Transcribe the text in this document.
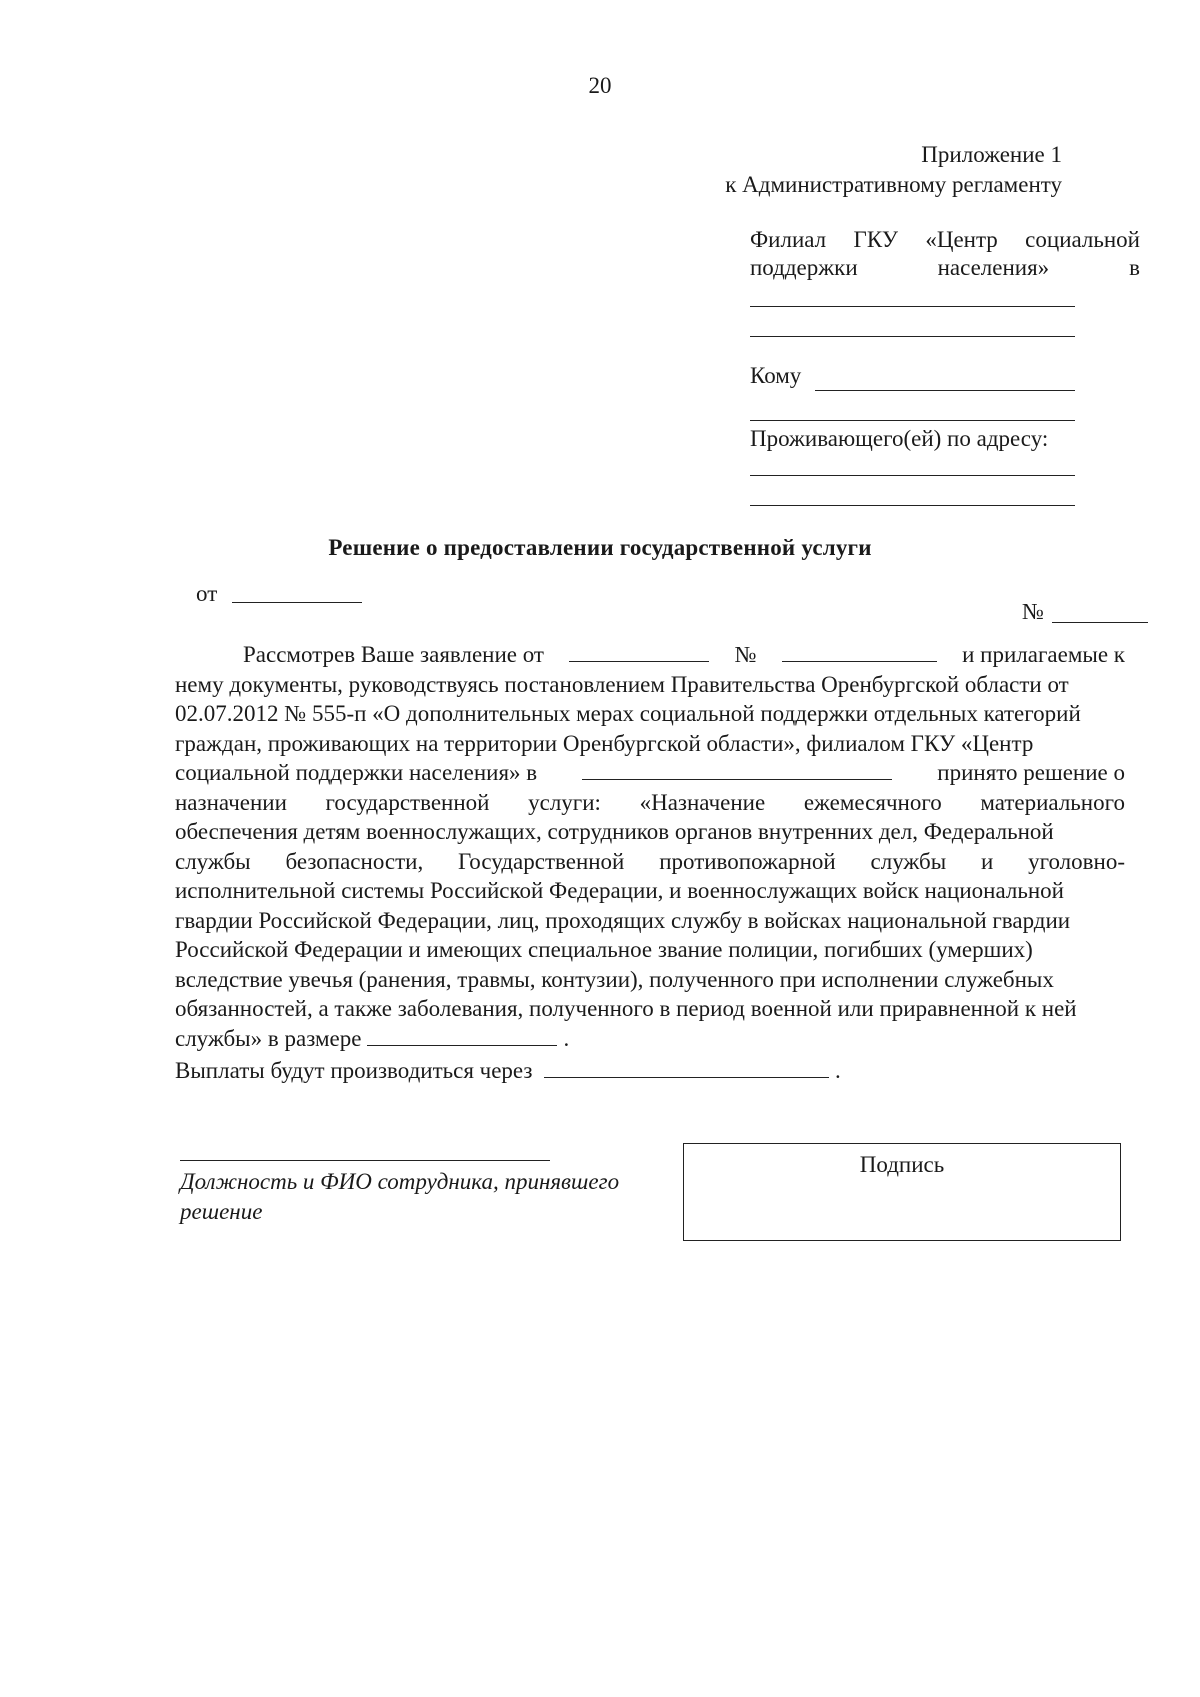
20
Приложение 1
к Административному регламенту
Филиал ГКУ «Центр социальной
поддержки	населения»	в
Кому
Проживающего(ей) по адресу:
Решение о предоставлении государственной услуги
от
№
Рассмотрев Ваше заявление от	№	и прилагаемые к
нему документы, руководствуясь постановлением Правительства Оренбургской области от
02.07.2012 № 555-п «О дополнительных мерах социальной поддержки отдельных категорий
граждан, проживающих на территории Оренбургской области», филиалом ГКУ «Центр
социальной поддержки населения» в	принято решение о
назначении государственной услуги: «Назначение ежемесячного материального
обеспечения детям военнослужащих, сотрудников органов внутренних дел, Федеральной
службы безопасности, Государственной противопожарной службы и уголовно-
исполнительной системы Российской Федерации, и военнослужащих войск национальной
гвардии Российской Федерации, лиц, проходящих службу в войсках национальной гвардии
Российской Федерации и имеющих специальное звание полиции, погибших (умерших)
вследствие увечья (ранения, травмы, контузии), полученного при исполнении служебных
обязанностей, а также заболевания, полученного в период военной или приравненной к ней
службы» в размере	.
Выплаты будут производиться через	.
Должность и ФИО сотрудника, принявшего решение
Подпись
